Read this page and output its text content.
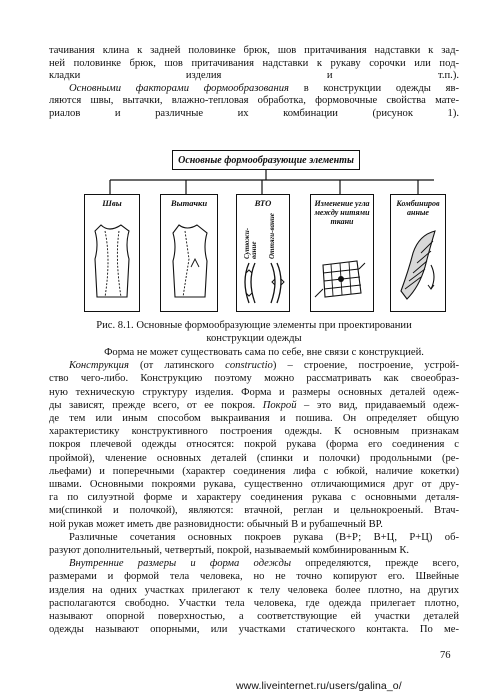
тачивания клина к задней половинке брюк, шов притачивания надставки к зад-
ней половинке брюк, шов притачивания надставки к рукаву сорочки или под-
кладки изделия и т.п.).
Основными факторами формообразования в конструкции одежды яв-
ляются швы, вытачки, влажно-тепловая обработка, формовочные свойства мате-
риалов и различные их комбинации (рисунок 1).
Основные формообразующие элементы
Швы	Вытачки	ВТО
Сутюжи-вание Оттяги-вание
Изменение угла между нитями ткани
Комбиниров анные
Рис. 8.1. Основные формообразующие элементы при проектировании
конструкции одежды
Форма не может существовать сама по себе, вне связи с конструкцией.
Конструкция (от латинского constructio) – строение, построение, устрой-
ство чего-либо. Конструкцию поэтому можно рассматривать как своеобраз-
ную техническую структуру изделия. Форма и размеры основных деталей одеж-
ды зависят, прежде всего, от ее покроя. Покрой – это вид, придаваемый одеж-
де тем или иным способом выкраивания и пошива. Он определяет общую
характеристику конструктивного построения одежды. К основным признакам
покроя плечевой одежды относятся: покрой рукава (форма его соединения с
проймой), членение основных деталей (спинки и полочки) продольными (ре-
льефами) и поперечными (характер соединения лифа с юбкой, наличие кокетки)
швами. Основными покроями рукава, существенно отличающимися друг от дру-
га по силуэтной форме и характеру соединения рукава с основными деталя-
ми(спинкой и полочкой), являются: втачной, реглан и цельнокроеный. Втач-
ной рукав может иметь две разновидности: обычный В и рубашечный ВР.
Различные сочетания основных покроев рукава (В+Р; В+Ц, Р+Ц) об-
разуют дополнительный, четвертый, покрой, называемый комбинированным К.
Внутренние размеры и форма одежды определяются, прежде всего,
размерами и формой тела человека, но не точно копируют его. Швейные
изделия на одних участках прилегают к телу человека более плотно, на других
располагаются свободно. Участки тела человека, где одежда прилегает плотно,
называют опорной поверхностью, а соответствующие ей участки деталей
одежды называют опорными, или участками статического контакта. По ме-
76
www.liveinternet.ru/users/galina_o/
